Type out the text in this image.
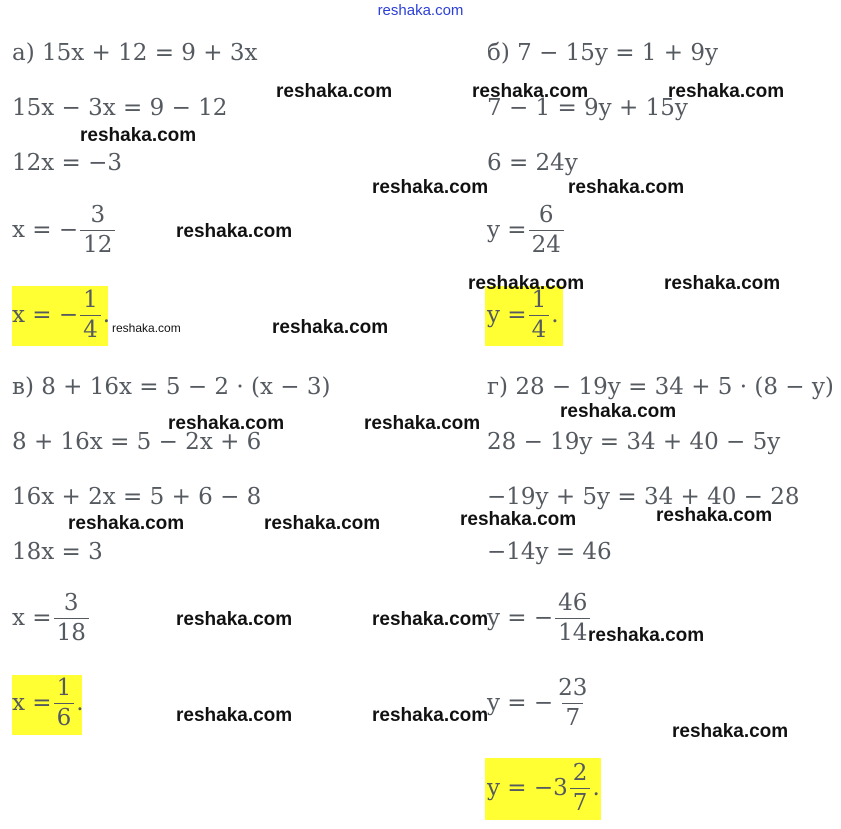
reshaka.com
а) 15x + 12 = 9 + 3x
15x − 3x = 9 − 12
12x = −3
x = − $\frac{3}{12}$
x = − $\frac{1}{4}$ .
б) 7 − 15y = 1 + 9y
7 − 1 = 9y + 15y
6 = 24y
$y = \frac{6}{24}$
$y = \frac{1}{4}$ .
в) 8 + 16x = 5 − 2 · (x − 3)
8 + 16x = 5 − 2x + 6
16x + 2x = 5 + 6 − 8
18x = 3
$x = \frac{3}{18}$
$x = \frac{1}{6}$ .
г) 28 − 19y = 34 + 5 · (8 − y)
28 − 19y = 34 + 40 − 5y
−19y + 5y = 34 + 40 − 28
−14y = 46
y = − $\frac{46}{14}$
y = − $\frac{23}{7}$
$y = -3 \frac{2}{7}$ .
reshaka.com	reshaka.com	reshaka.com
reshaka.com
reshaka.com	reshaka.com
reshaka.com
reshaka.com	reshaka.com
reshaka.com	reshaka.com
reshaka.com
reshaka.com	reshaka.com
reshaka.com	reshaka.com
reshaka.com	reshaka.com
reshaka.com	reshaka.com
reshaka.com
reshaka.com	reshaka.com
reshaka.com
